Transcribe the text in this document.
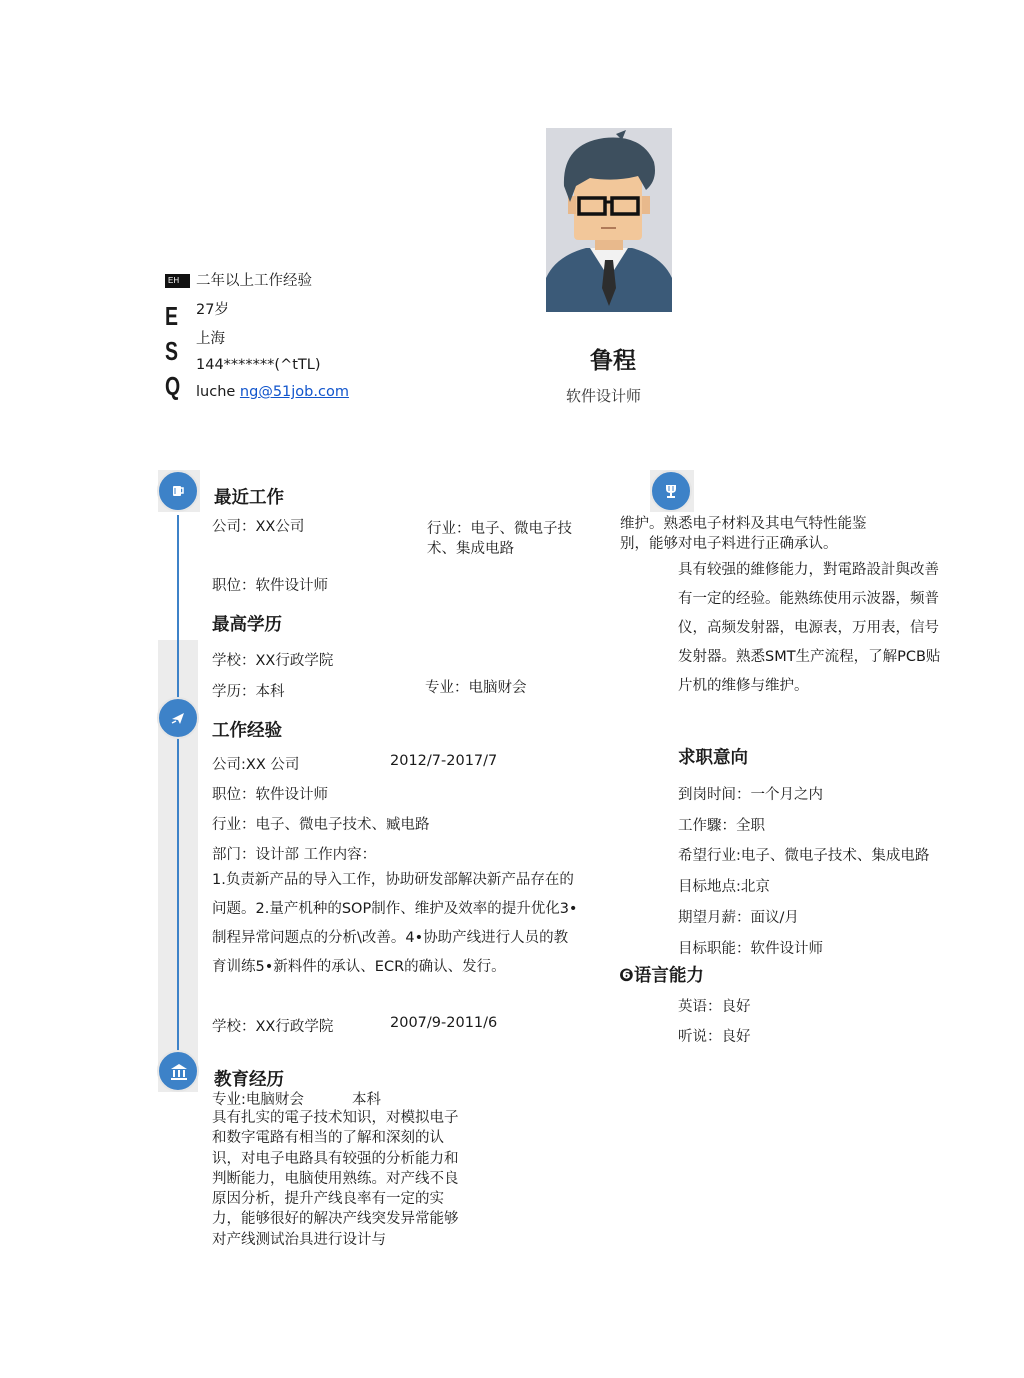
EH
E
S
Q
二年以上工作经验
27岁
上海
144*******(^tTL)
luche ng@51job.com
鲁程
软件设计师
最近工作
公司：XX公司	行业：电子、微电子技术、集成电路
职位：软件设计师
最高学历
学校：XX行政学院
学历：本科	专业：电脑财会
工作经验
公司:XX 公司	2012/7-2017/7
职位：软件设计师
行业：电子、微电子技术、臧电路
部门：设计部 工作内容：
1.负责新产品的导入工作，协助研发部解决新产品存在的问题。2.量产机种的SOP制作、维护及效率的提升优化3•制程异常问题点的分析\改善。4•协助产线进行人员的教育训练5•新料件的承认、ECR的确认、发行。
学校：XX行政学院	2007/9-2011/6
教育经历
专业:电脑财会	本科
具有扎实的電子技术知识，对模拟电子和数字電路有相当的了解和深刻的认识，对电子电路具有较强的分析能力和判断能力，电脑使用熟练。对产线不良原因分析，提升产线良率有一定的实力，能够很好的解决产线突发异常能够对产线测试治具进行设计与
维护。熟悉电子材料及其电气特性能鉴别，能够对电子料进行正确承认。
具有较强的維修能力，對電路設計與改善有一定的经验。能熟练使用示波器，频普仪，高频发射器，电源表，万用表，信号发射器。熟悉SMT生产流程，了解PCB贴片机的维修与维护。
求职意向
到岗时间：一个月之内
工作驟：全职
希望行业:电子、微电子技术、集成电路
目标地点:北京
期望月薪：面议/月
目标职能：软件设计师
❻语言能力
英语：良好
听说：良好
